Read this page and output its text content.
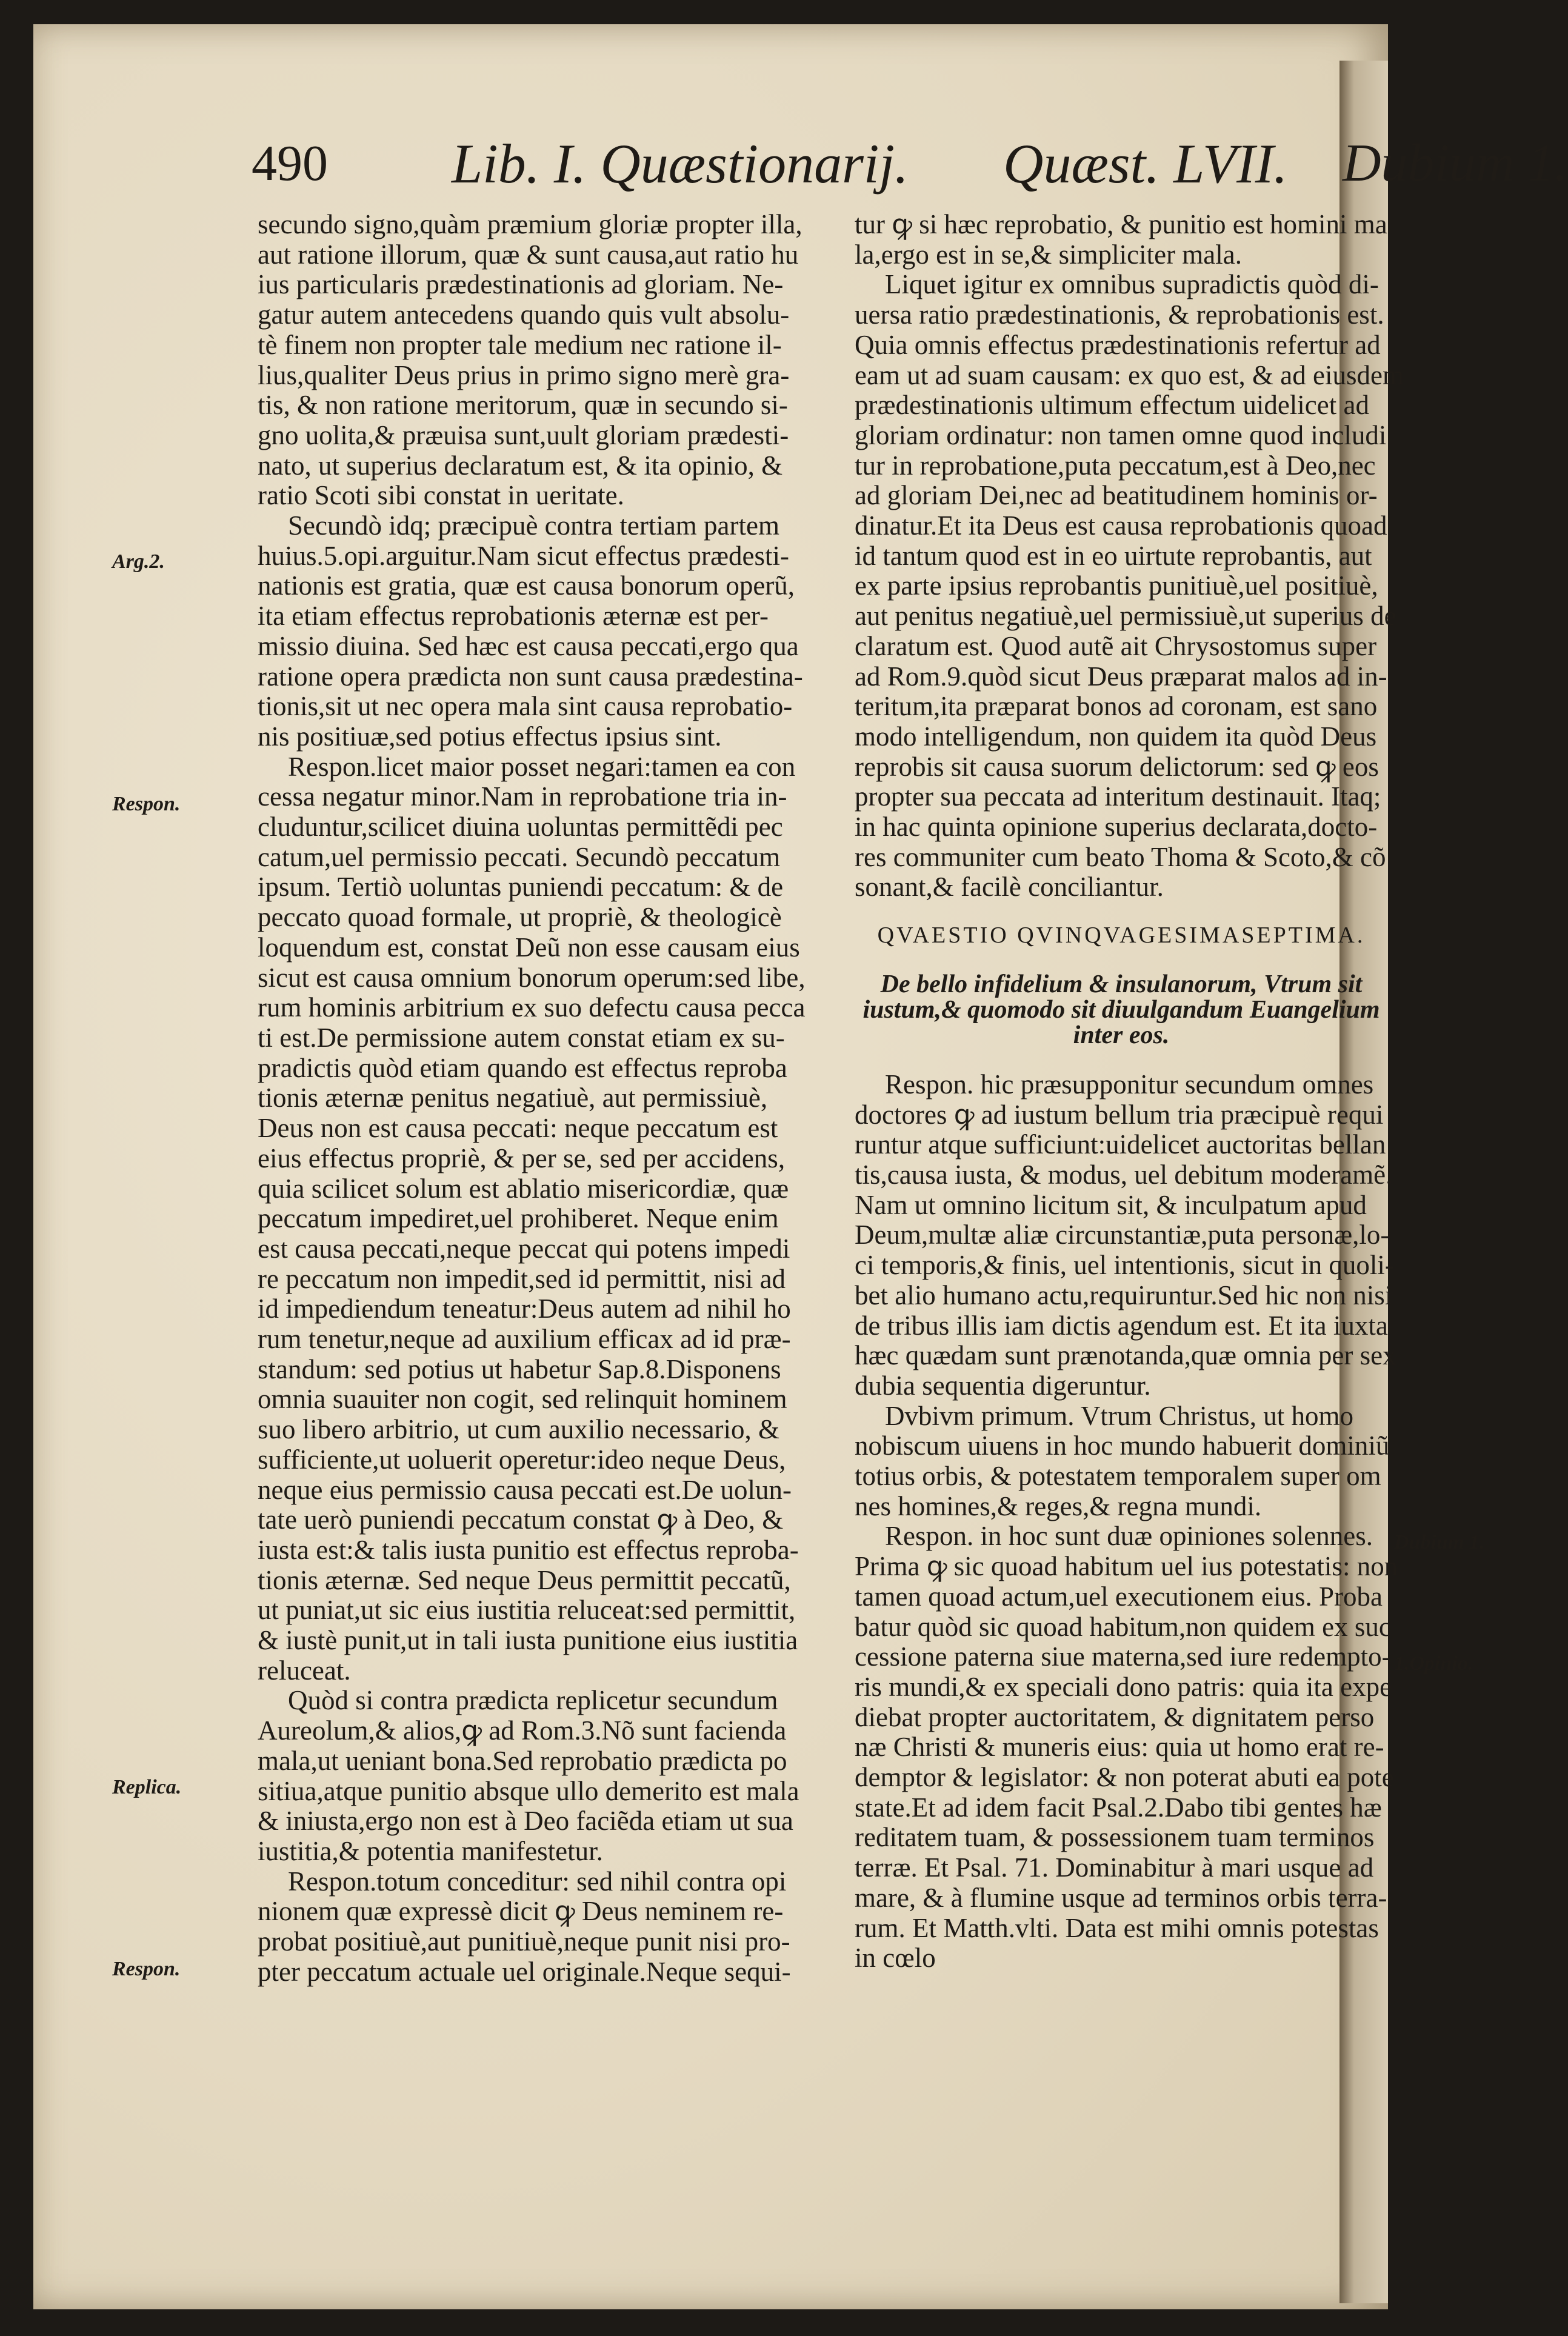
490 Lib. I. Quæstionarij. Quæst. LVII. Dubium 1.
secundo signo,quàm præmium gloriæ propter illa,
aut ratione illorum, quæ & sunt causa,aut ratio hu
ius particularis prædestinationis ad gloriam. Ne-
gatur autem antecedens quando quis vult absolu-
tè finem non propter tale medium nec ratione il-
lius,qualiter Deus prius in primo signo merè gra-
tis, & non ratione meritorum, quæ in secundo si-
gno uolita,& præuisa sunt,uult gloriam prædesti-
nato, ut superius declaratum est, & ita opinio, &
ratio Scoti sibi constat in ueritate.
Secundò idq; præcipuè contra tertiam partem
huius.5.opi.arguitur.Nam sicut effectus prædesti-
nationis est gratia, quæ est causa bonorum operũ,
ita etiam effectus reprobationis æternæ est per-
missio diuina. Sed hæc est causa peccati,ergo qua
ratione opera prædicta non sunt causa prædestina-
tionis,sit ut nec opera mala sint causa reprobatio-
nis positiuæ,sed potius effectus ipsius sint.
Respon.licet maior posset negari:tamen ea con
cessa negatur minor.Nam in reprobatione tria in-
cluduntur,scilicet diuina uoluntas permittẽdi pec
catum,uel permissio peccati. Secundò peccatum
ipsum. Tertiò uoluntas puniendi peccatum: & de
peccato quoad formale, ut propriè, & theologicè
loquendum est, constat Deũ non esse causam eius
sicut est causa omnium bonorum operum:sed libe,
rum hominis arbitrium ex suo defectu causa pecca
ti est.De permissione autem constat etiam ex su-
pradictis quòd etiam quando est effectus reproba
tionis æternæ penitus negatiuè, aut permissiuè,
Deus non est causa peccati: neque peccatum est
eius effectus propriè, & per se, sed per accidens,
quia scilicet solum est ablatio misericordiæ, quæ
peccatum impediret,uel prohiberet. Neque enim
est causa peccati,neque peccat qui potens impedi
re peccatum non impedit,sed id permittit, nisi ad
id impediendum teneatur:Deus autem ad nihil ho
rum tenetur,neque ad auxilium efficax ad id præ-
standum: sed potius ut habetur Sap.8.Disponens
omnia suauiter non cogit, sed relinquit hominem
suo libero arbitrio, ut cum auxilio necessario, &
sufficiente,ut uoluerit operetur:ideo neque Deus,
neque eius permissio causa peccati est.De uolun-
tate uerò puniendi peccatum constat ꝙ à Deo, &
iusta est:& talis iusta punitio est effectus reproba-
tionis æternæ. Sed neque Deus permittit peccatũ,
ut puniat,ut sic eius iustitia reluceat:sed permittit,
& iustè punit,ut in tali iusta punitione eius iustitia
reluceat.
Quòd si contra prædicta replicetur secundum
Aureolum,& alios,ꝙ ad Rom.3.Nõ sunt facienda
mala,ut ueniant bona.Sed reprobatio prædicta po
sitiua,atque punitio absque ullo demerito est mala
& iniusta,ergo non est à Deo faciẽda etiam ut sua
iustitia,& potentia manifestetur.
Respon.totum conceditur: sed nihil contra opi
nionem quæ expressè dicit ꝙ Deus neminem re-
probat positiuè,aut punitiuè,neque punit nisi pro-
pter peccatum actuale uel originale.Neque sequi-
tur ꝙ si hæc reprobatio, & punitio est homini ma
la,ergo est in se,& simpliciter mala.
Liquet igitur ex omnibus supradictis quòd di-
uersa ratio prædestinationis, & reprobationis est.
Quia omnis effectus prædestinationis refertur ad
eam ut ad suam causam: ex quo est, & ad eiusdem
prædestinationis ultimum effectum uidelicet ad
gloriam ordinatur: non tamen omne quod includi
tur in reprobatione,puta peccatum,est à Deo,nec
ad gloriam Dei,nec ad beatitudinem hominis or-
dinatur.Et ita Deus est causa reprobationis quoad
id tantum quod est in eo uirtute reprobantis, aut
ex parte ipsius reprobantis punitiuè,uel positiuè,
aut penitus negatiuè,uel permissiuè,ut superius de
claratum est. Quod autẽ ait Chrysostomus super
ad Rom.9.quòd sicut Deus præparat malos ad in-
teritum,ita præparat bonos ad coronam, est sano
modo intelligendum, non quidem ita quòd Deus
reprobis sit causa suorum delictorum: sed ꝙ eos
propter sua peccata ad interitum destinauit. Itaq;
in hac quinta opinione superius declarata,docto-
res communiter cum beato Thoma & Scoto,& cõ
sonant,& facilè conciliantur.
QVAESTIO QVINQVAGESIMASEPTIMA.
De bello infidelium & insulanorum, Vtrum sit iustum,& quomodo sit diuulgandum Euangelium inter eos.
Respon. hic præsupponitur secundum omnes
doctores ꝙ ad iustum bellum tria præcipuè requi
runtur atque sufficiunt:uidelicet auctoritas bellan
tis,causa iusta, & modus, uel debitum moderamẽ.
Nam ut omnino licitum sit, & inculpatum apud
Deum,multæ aliæ circunstantiæ,puta personæ,lo-
ci temporis,& finis, uel intentionis, sicut in quoli-
bet alio humano actu,requiruntur.Sed hic non nisi
de tribus illis iam dictis agendum est. Et ita iuxta
hæc quædam sunt prænotanda,quæ omnia per sex
dubia sequentia digeruntur.
Dvbivm primum. Vtrum Christus, ut homo
nobiscum uiuens in hoc mundo habuerit dominiũ
totius orbis, & potestatem temporalem super om
nes homines,& reges,& regna mundi.
Respon. in hoc sunt duæ opiniones solennes.
Prima ꝙ sic quoad habitum uel ius potestatis: non
tamen quoad actum,uel executionem eius. Proba
batur quòd sic quoad habitum,non quidem ex suc
cessione paterna siue materna,sed iure redempto-
ris mundi,& ex speciali dono patris: quia ita expe
diebat propter auctoritatem, & dignitatem perso
næ Christi & muneris eius: quia ut homo erat re-
demptor & legislator: & non poterat abuti ea pote
state.Et ad idem facit Psal.2.Dabo tibi gentes hæ
reditatem tuam, & possessionem tuam terminos
terræ. Et Psal. 71. Dominabitur à mari usque ad
mare, & à flumine usque ad terminos orbis terra-
rum. Et Matth.vlti. Data est mihi omnis potestas
in cœlo
Arg.2.
Respon.
Replica.
Respon.
Dubium 1.
1.Opinio.
